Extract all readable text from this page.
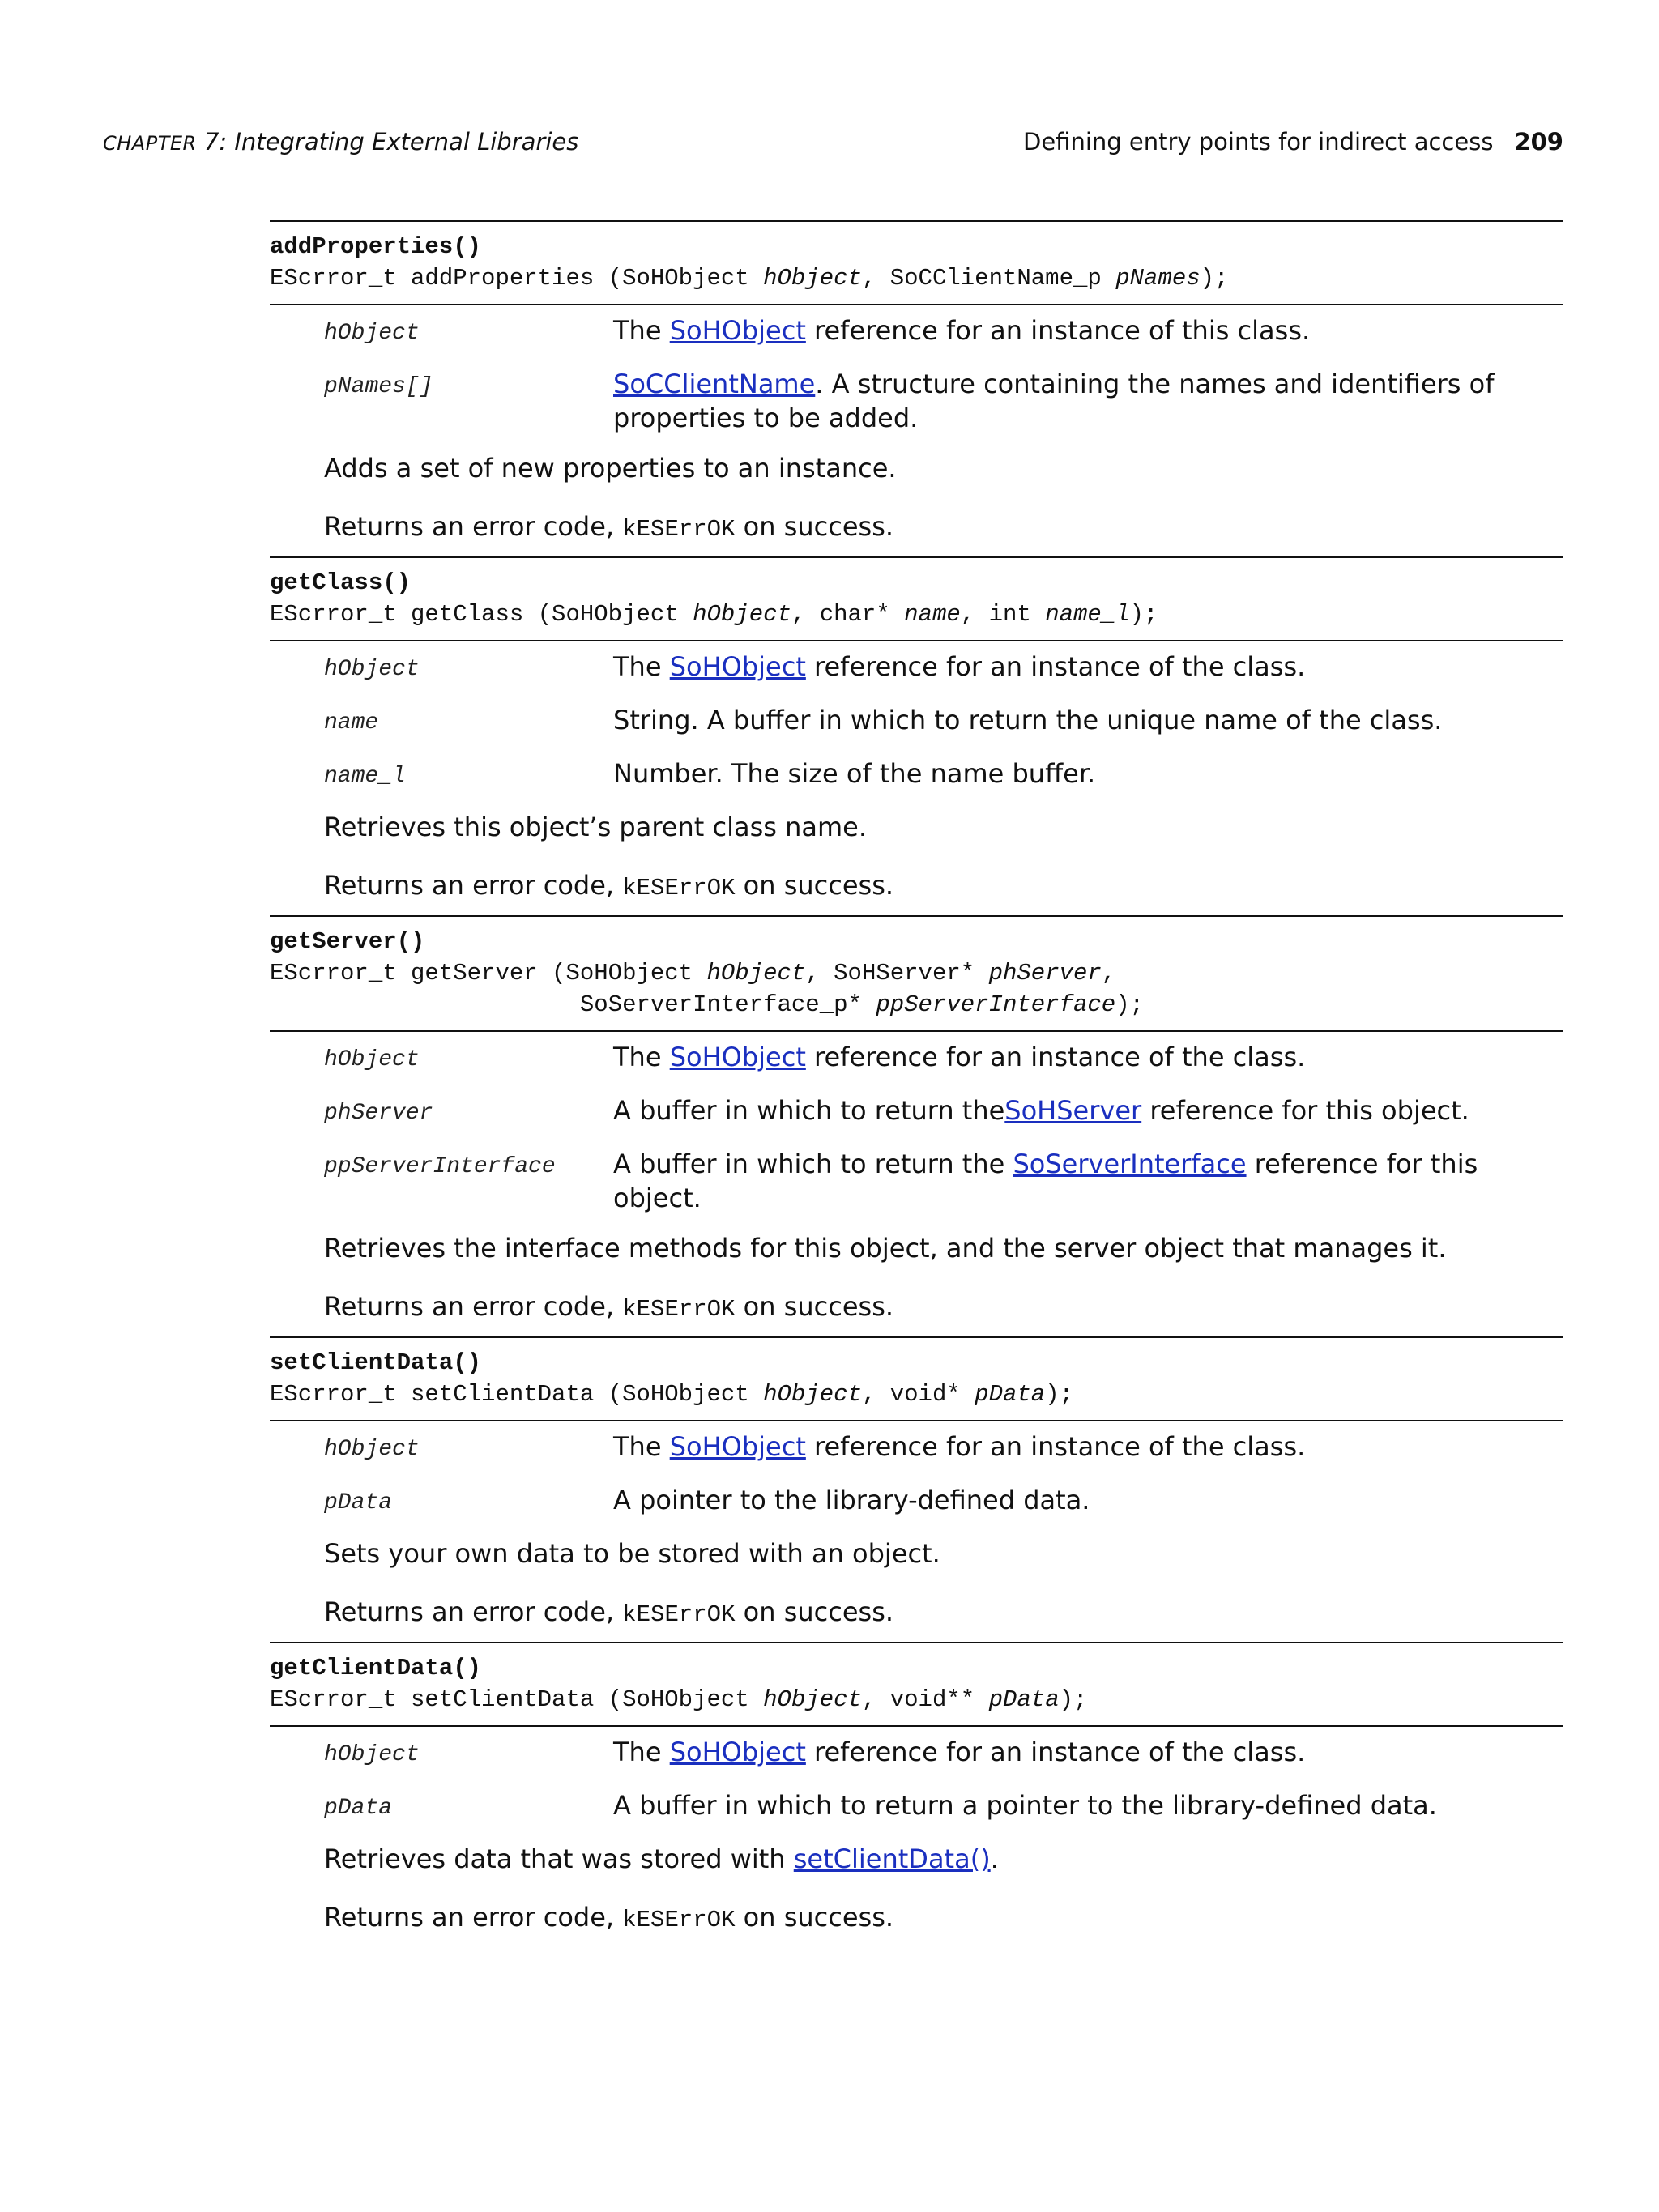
CHAPTER 7: Integrating External Libraries	Defining entry points for indirect access 209
addProperties()
EScrror_t addProperties (SoHObject hObject, SoCClientName_p pNames);
hObject	The SoHObject reference for an instance of this class.
pNames[]	SoCClientName. A structure containing the names and identifiers of properties to be added.

Adds a set of new properties to an instance.

Returns an error code, kESErrOK on success.

getClass()
EScrror_t getClass (SoHObject hObject, char* name, int name_l);
hObject	The SoHObject reference for an instance of the class.
name	String. A buffer in which to return the unique name of the class.
name_l	Number. The size of the name buffer.

Retrieves this object’s parent class name.

Returns an error code, kESErrOK on success.

getServer()
EScrror_t getServer (SoHObject hObject, SoHServer* phServer,
SoServerInterface_p* ppServerInterface);
hObject	The SoHObject reference for an instance of the class.
phServer	A buffer in which to return theSoHServer reference for this object.
ppServerInterface	A buffer in which to return the SoServerInterface reference for this object.

Retrieves the interface methods for this object, and the server object that manages it.

Returns an error code, kESErrOK on success.

setClientData()
EScrror_t setClientData (SoHObject hObject, void* pData);
hObject	The SoHObject reference for an instance of the class.
pData	A pointer to the library-defined data.

Sets your own data to be stored with an object.

Returns an error code, kESErrOK on success.

getClientData()
EScrror_t setClientData (SoHObject hObject, void** pData);
hObject	The SoHObject reference for an instance of the class.
pData	A buffer in which to return a pointer to the library-defined data.

Retrieves data that was stored with setClientData().

Returns an error code, kESErrOK on success.
